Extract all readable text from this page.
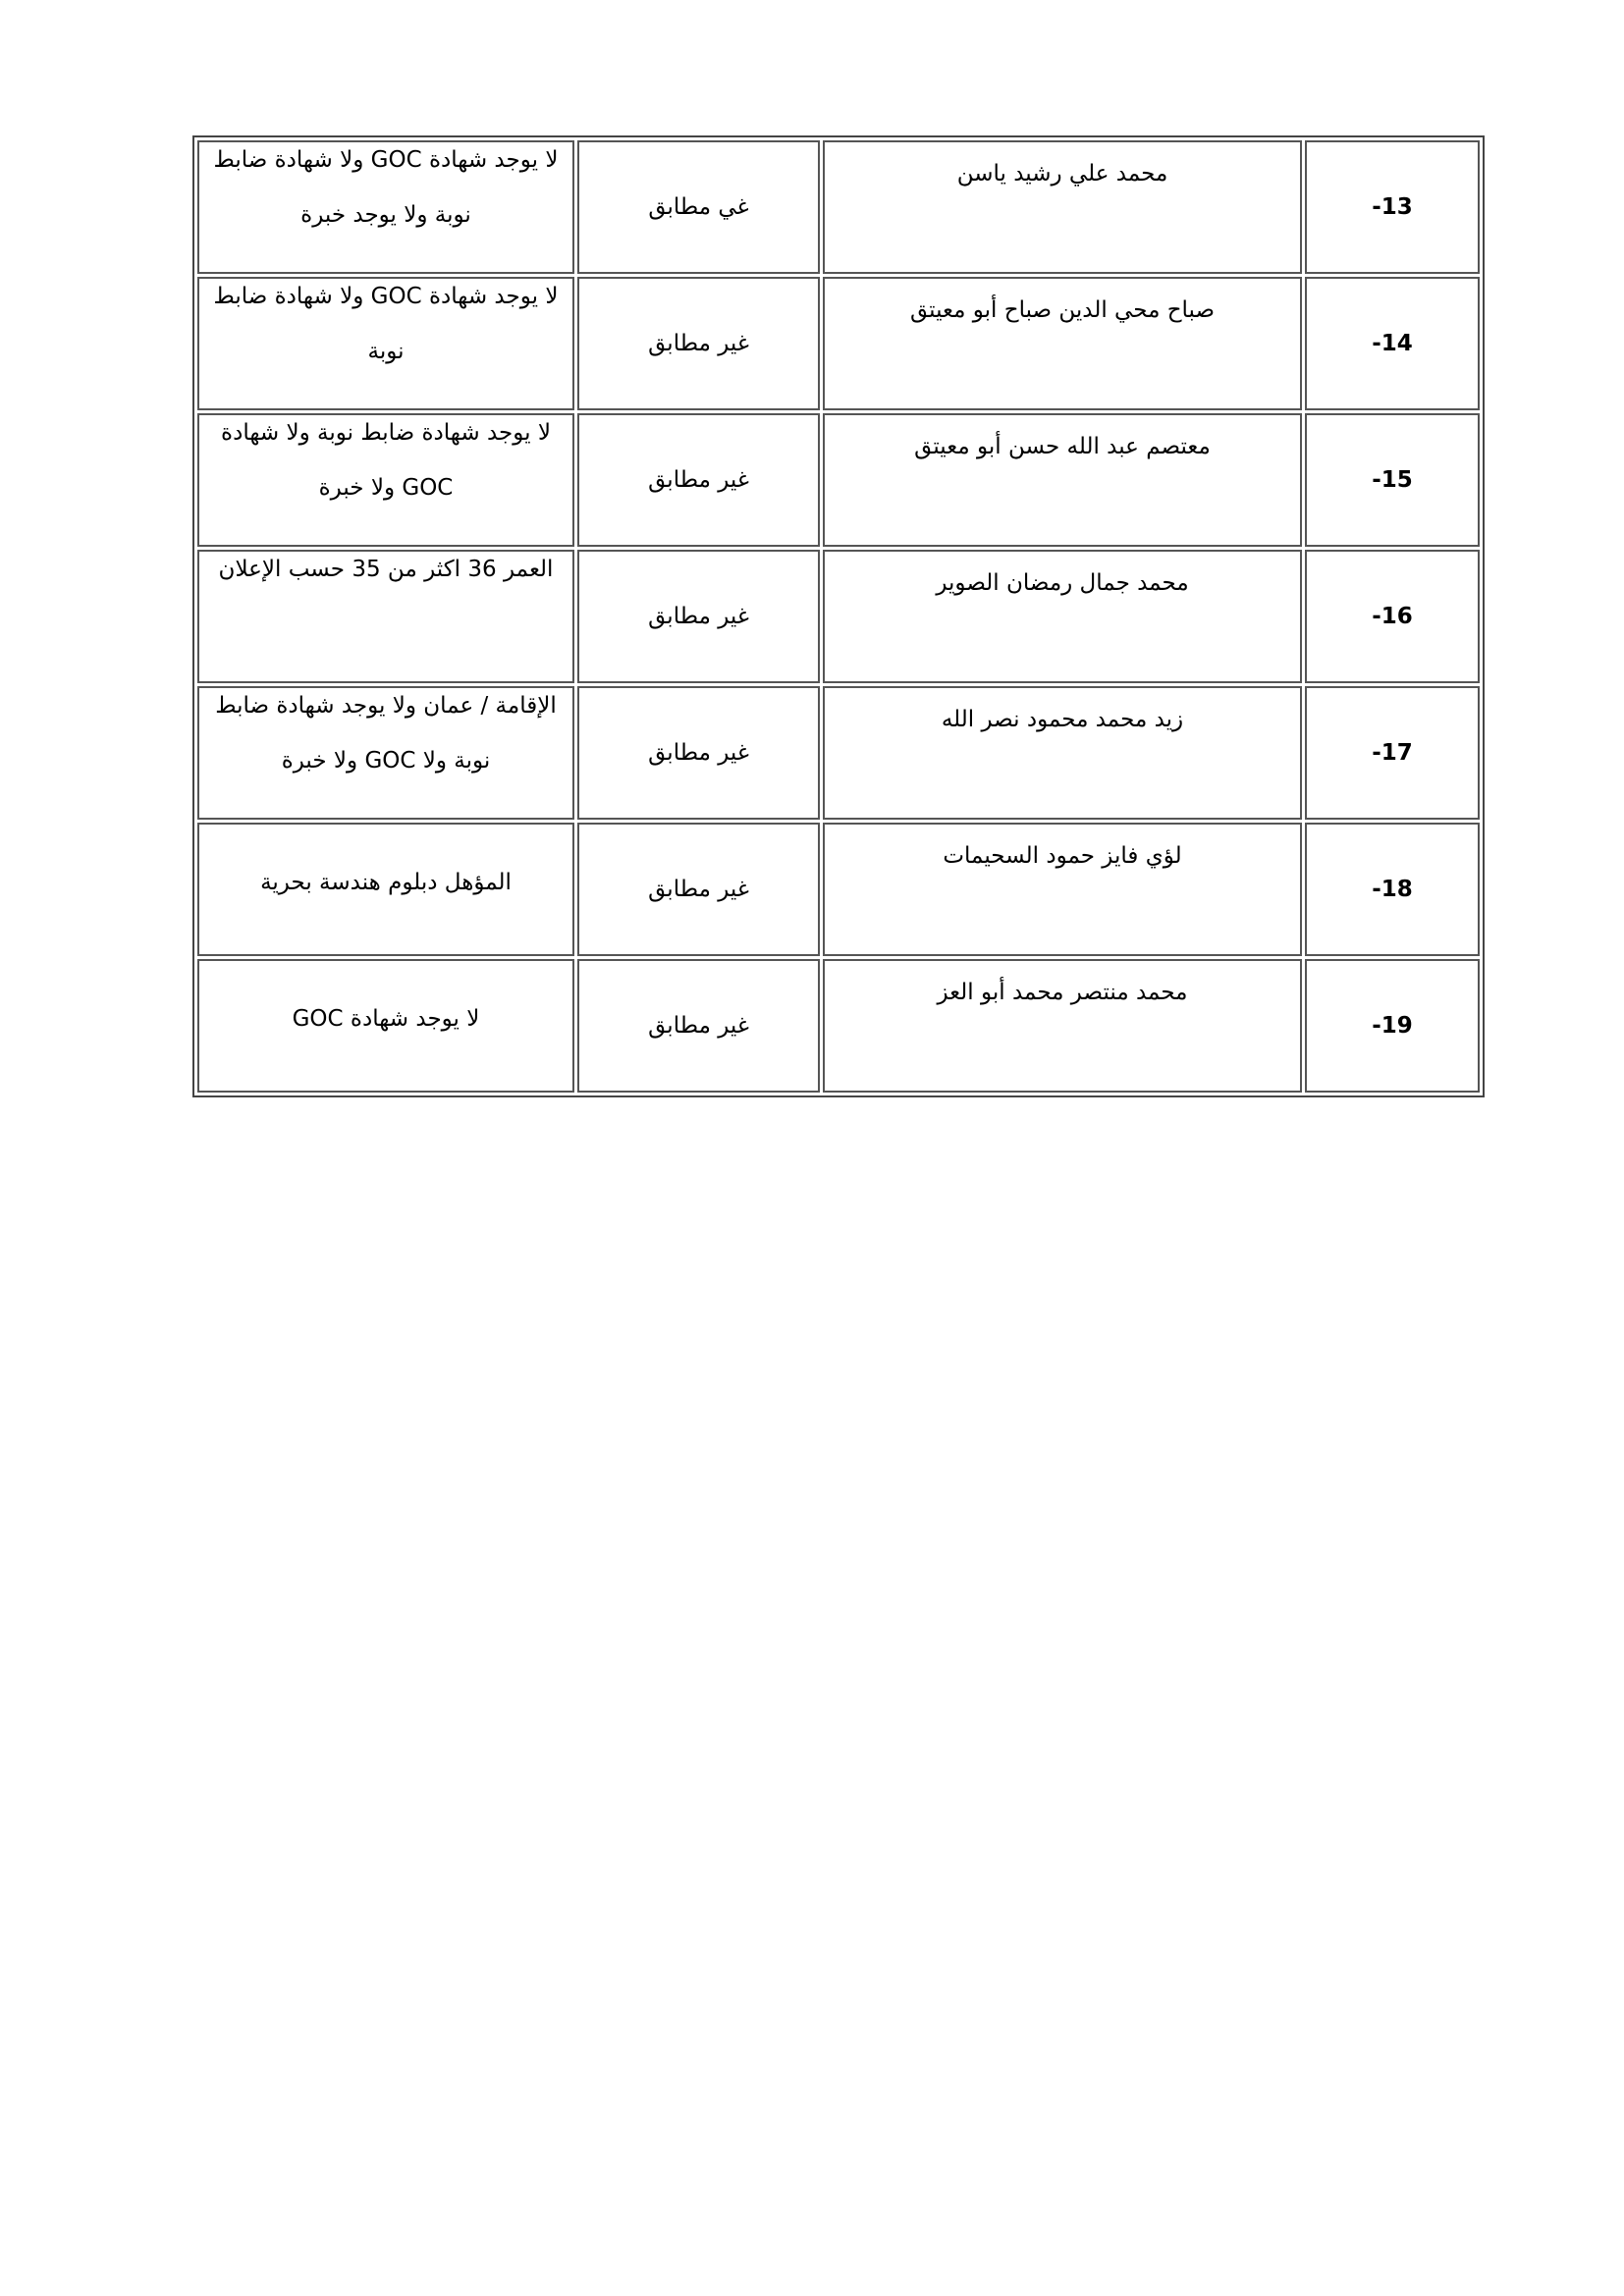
لا يوجد شهادة GOC ولا شهادة ضابط نوبة ولا يوجد خبرة	غي مطابق	محمد علي رشيد ياسن	-13

لا يوجد شهادة GOC ولا شهادة ضابط نوبة	غير مطابق	صباح محي الدين صباح أبو معيتق	-14

لا يوجد شهادة ضابط نوبة ولا شهادة GOC ولا خبرة	غير مطابق	معتصم عبد الله حسن أبو معيتق	-15

العمر 36 اكثر من 35 حسب الإعلان	غير مطابق	محمد جمال رمضان الصوير	-16

الإقامة / عمان ولا يوجد شهادة ضابط نوبة ولا GOC ولا خبرة	غير مطابق	زيد محمد محمود نصر الله	-17

المؤهل دبلوم هندسة بحرية	غير مطابق	لؤي فايز حمود السحيمات	-18

لا يوجد شهادة GOC	غير مطابق	محمد منتصر محمد أبو العز	-19
